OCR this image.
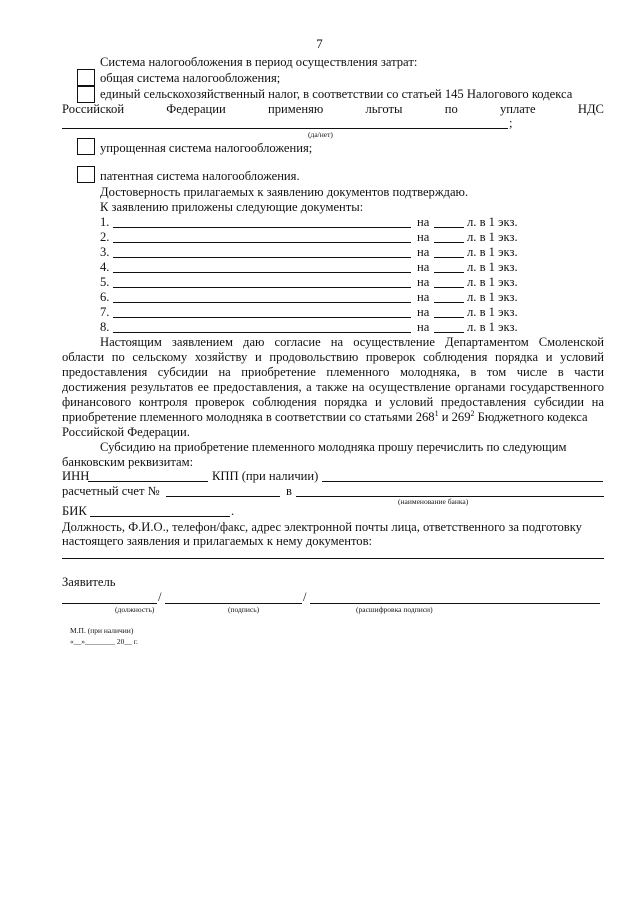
7
Система налогообложения в период осуществления затрат:
общая система налогообложения;
единый сельскохозяйственный налог, в соответствии со статьей 145 Налогового кодекса
Российской	Федерации	применяю	льготы	по	уплате	НДС
;
(да/нет)
упрощенная система налогообложения;
патентная система налогообложения.
Достоверность прилагаемых к заявлению документов подтверждаю.
К заявлению приложены следующие документы:
1.	на	л. в 1 экз.
2.	на	л. в 1 экз.
3.	на	л. в 1 экз.
4.	на	л. в 1 экз.
5.	на	л. в 1 экз.
6.	на	л. в 1 экз.
7.	на	л. в 1 экз.
8.	на	л. в 1 экз.
Настоящим заявлением даю согласие на осуществление Департаментом Смоленской
области по сельскому хозяйству и продовольствию проверок соблюдения порядка и условий
предоставления субсидии на приобретение племенного молодняка, в том числе в части
достижения результатов ее предоставления, а также на осуществление органами государственного
финансового контроля проверок соблюдения порядка и условий предоставления субсидии на
приобретение племенного молодняка в соответствии со статьями $268^1$ и $269^2$ Бюджетного кодекса
Российской Федерации.
Субсидию на приобретение племенного молодняка прошу перечислить по следующим
банковским реквизитам:
ИНН	КПП (при наличии)
расчетный счет №	в
(наименование банка)
БИК	.
Должность, Ф.И.О., телефон/факс, адрес электронной почты лица, ответственного за подготовку
настоящего заявления и прилагаемых к нему документов:
Заявитель
/	/
(должность)	(подпись)	(расшифровка подписи)
М.П. (при наличии)
«__»________ 20__ г.
